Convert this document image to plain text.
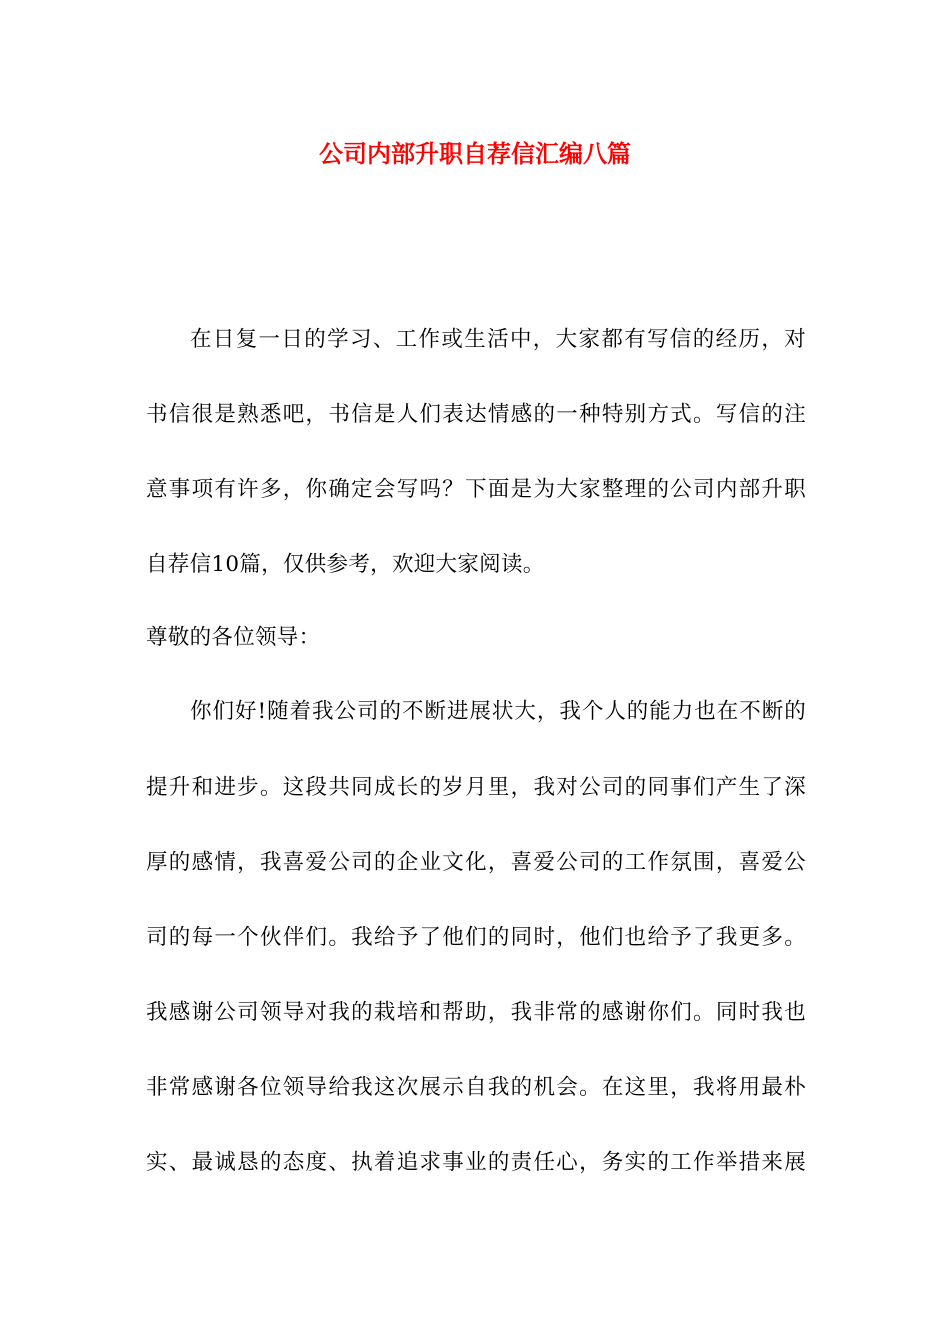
公司内部升职自荐信汇编八篇
在日复一日的学习、工作或生活中，大家都有写信的经历，对
书信很是熟悉吧，书信是人们表达情感的一种特别方式。写信的注
意事项有许多，你确定会写吗？下面是为大家整理的公司内部升职
自荐信10篇，仅供参考，欢迎大家阅读。
尊敬的各位领导：
你们好!随着我公司的不断进展状大，我个人的能力也在不断的
提升和进步。这段共同成长的岁月里，我对公司的同事们产生了深
厚的感情，我喜爱公司的企业文化，喜爱公司的工作氛围，喜爱公
司的每一个伙伴们。我给予了他们的同时，他们也给予了我更多。
我感谢公司领导对我的栽培和帮助，我非常的感谢你们。同时我也
非常感谢各位领导给我这次展示自我的机会。在这里，我将用最朴
实、最诚恳的态度、执着追求事业的责任心，务实的工作举措来展
